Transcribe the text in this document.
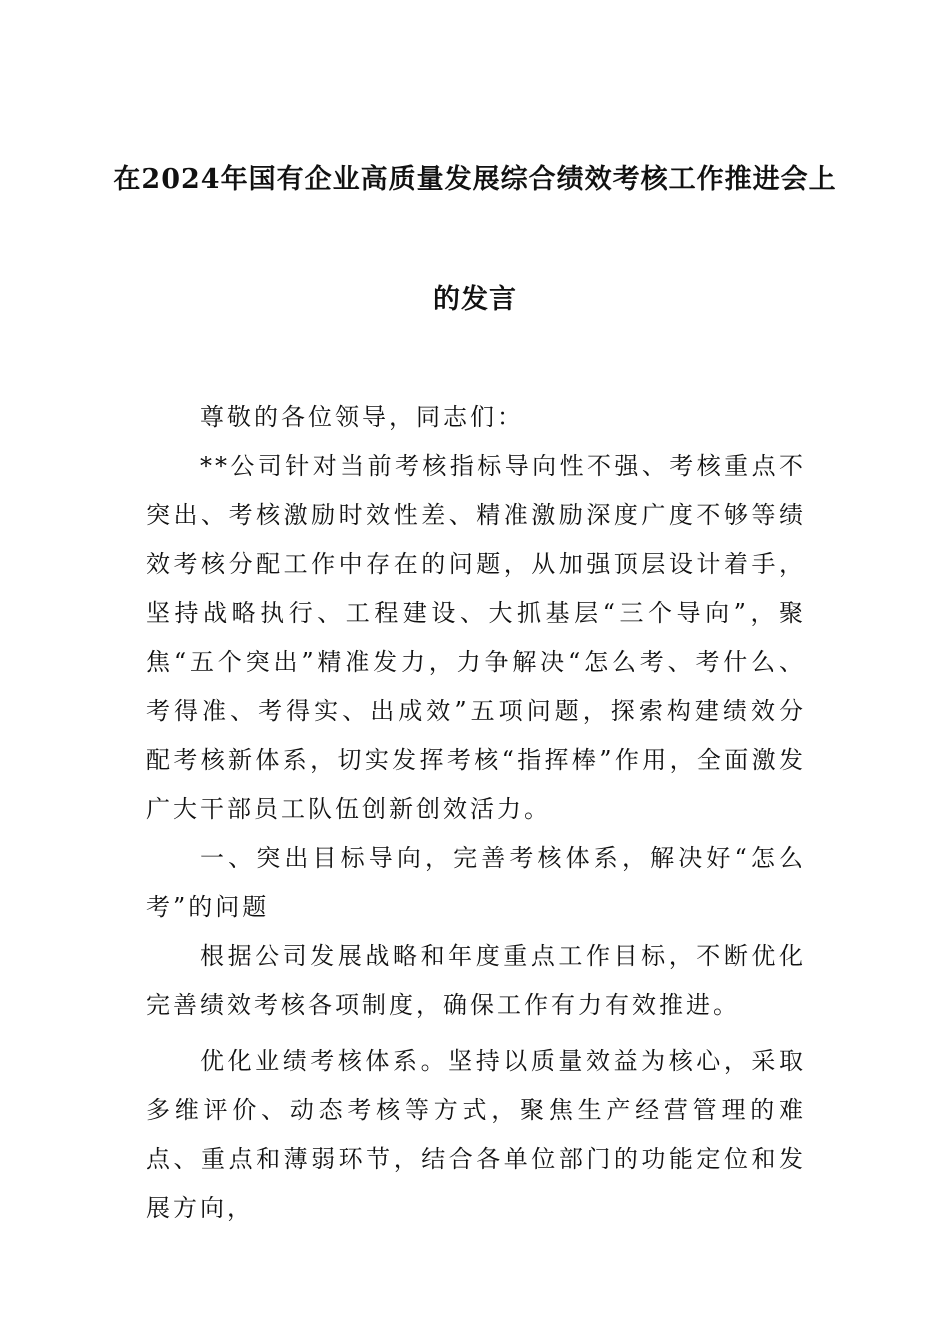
在2024年国有企业高质量发展综合绩效考核工作推进会上
的发言

尊敬的各位领导，同志们：

**公司针对当前考核指标导向性不强、考核重点不突出、考核激励时效性差、精准激励深度广度不够等绩效考核分配工作中存在的问题，从加强顶层设计着手，坚持战略执行、工程建设、大抓基层“三个导向”，聚焦“五个突出”精准发力，力争解决“怎么考、考什么、考得准、考得实、出成效”五项问题，探索构建绩效分配考核新体系，切实发挥考核“指挥棒”作用，全面激发广大干部员工队伍创新创效活力。

一、突出目标导向，完善考核体系，解决好“怎么考”的问题

根据公司发展战略和年度重点工作目标，不断优化完善绩效考核各项制度，确保工作有力有效推进。

优化业绩考核体系。坚持以质量效益为核心，采取多维评价、动态考核等方式，聚焦生产经营管理的难点、重点和薄弱环节，结合各单位部门的功能定位和发展方向，
